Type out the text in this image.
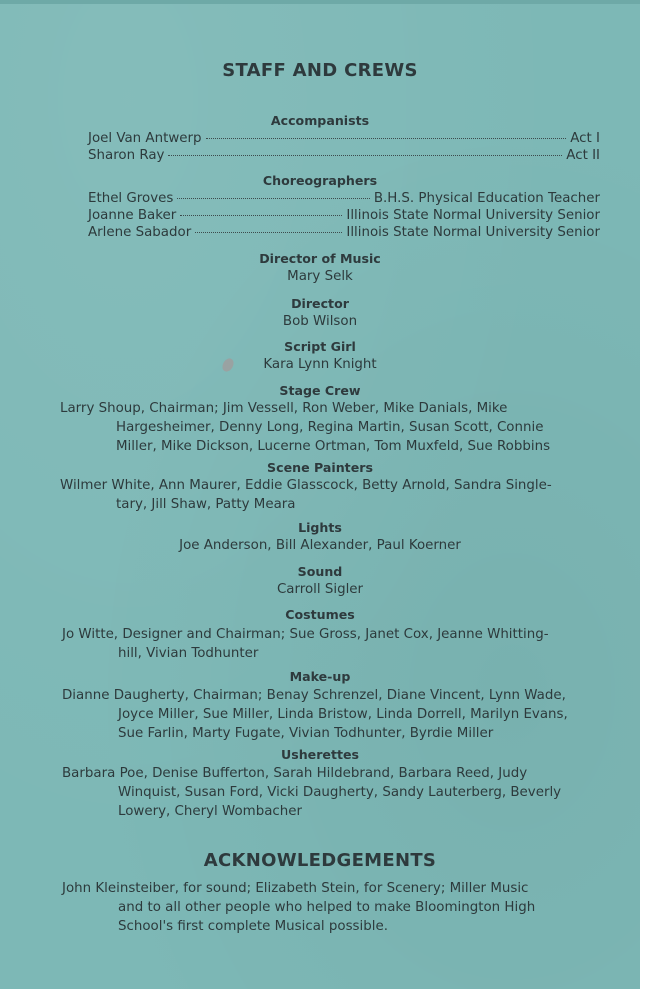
STAFF AND CREWS
Accompanists
Joel Van Antwerp	Act I
Sharon Ray	Act II
Choreographers
Ethel Groves	B.H.S. Physical Education Teacher
Joanne Baker	Illinois State Normal University Senior
Arlene Sabador	Illinois State Normal University Senior
Director of Music
Mary Selk
Director
Bob Wilson
Script Girl
Kara Lynn Knight
Stage Crew
Larry Shoup, Chairman; Jim Vessell, Ron Weber, Mike Danials, Mike
Hargesheimer, Denny Long, Regina Martin, Susan Scott, Connie
Miller, Mike Dickson, Lucerne Ortman, Tom Muxfeld, Sue Robbins
Scene Painters
Wilmer White, Ann Maurer, Eddie Glasscock, Betty Arnold, Sandra Single-
tary, Jill Shaw, Patty Meara
Lights
Joe Anderson, Bill Alexander, Paul Koerner
Sound
Carroll Sigler
Costumes
Jo Witte, Designer and Chairman; Sue Gross, Janet Cox, Jeanne Whitting-
hill, Vivian Todhunter
Make-up
Dianne Daugherty, Chairman; Benay Schrenzel, Diane Vincent, Lynn Wade,
Joyce Miller, Sue Miller, Linda Bristow, Linda Dorrell, Marilyn Evans,
Sue Farlin, Marty Fugate, Vivian Todhunter, Byrdie Miller
Usherettes
Barbara Poe, Denise Bufferton, Sarah Hildebrand, Barbara Reed, Judy
Winquist, Susan Ford, Vicki Daugherty, Sandy Lauterberg, Beverly
Lowery, Cheryl Wombacher
ACKNOWLEDGEMENTS
John Kleinsteiber, for sound; Elizabeth Stein, for Scenery; Miller Music
and to all other people who helped to make Bloomington High
School's first complete Musical possible.
